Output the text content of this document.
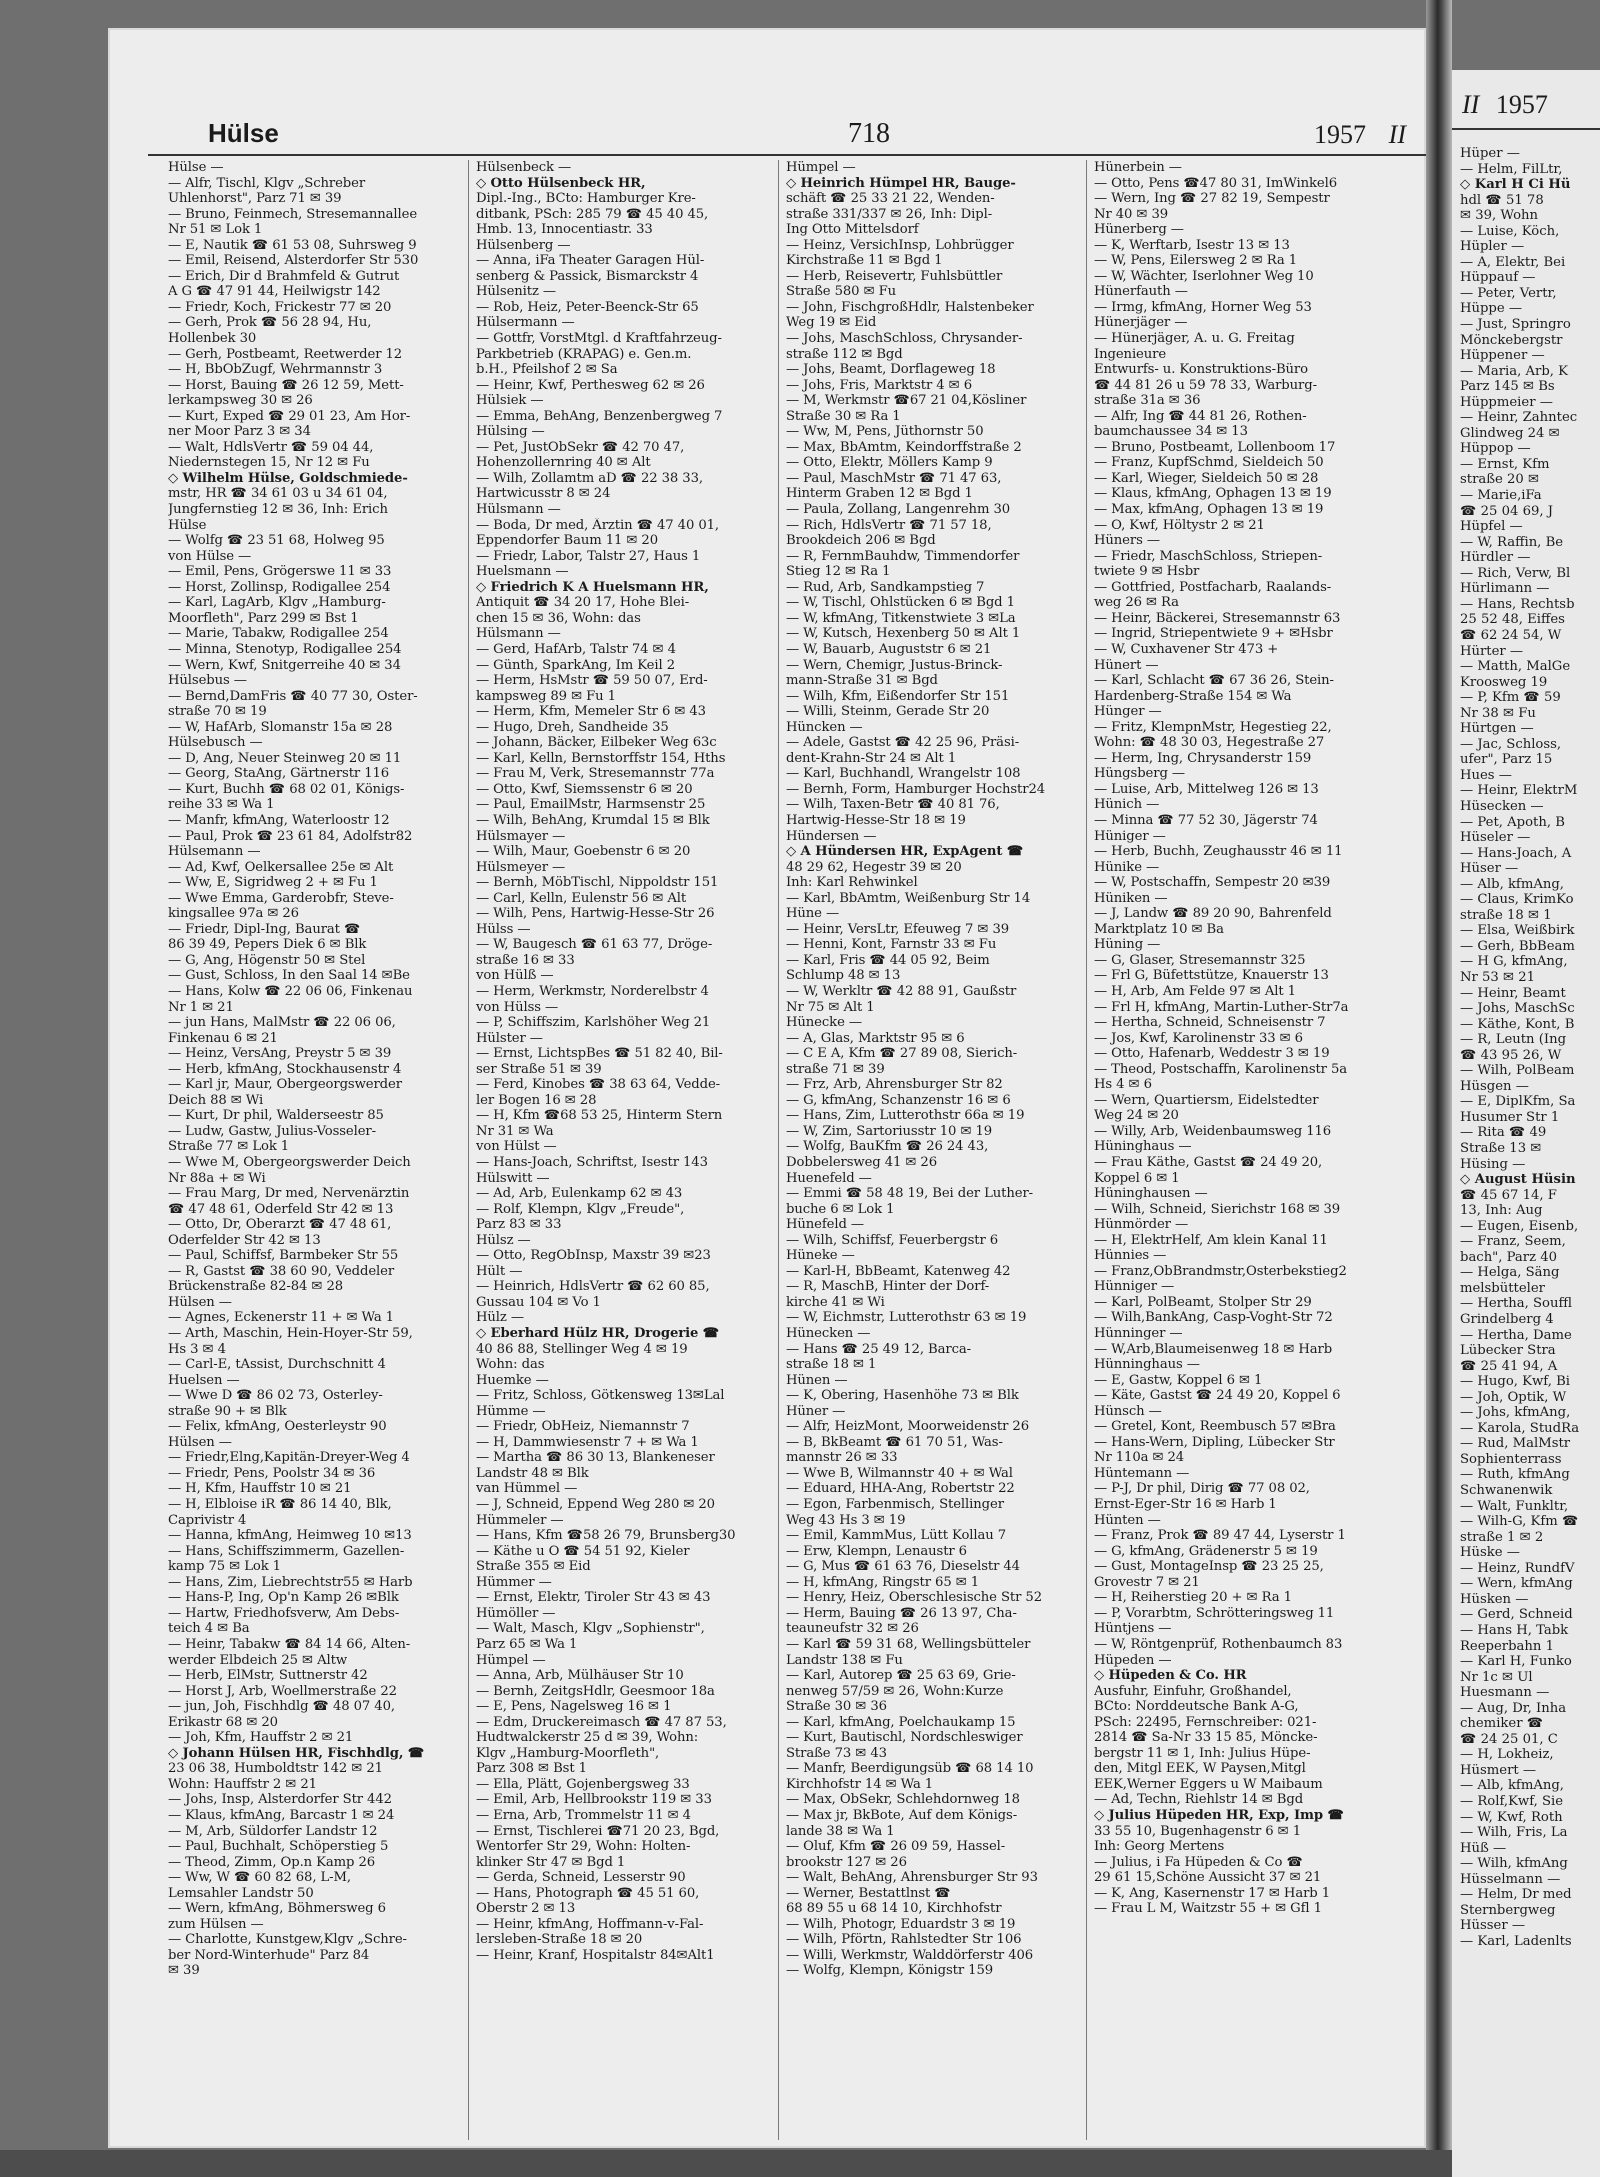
Hülse	718	1957 II
Hülse —
— Alfr, Tischl, Klgv „Schreber
Uhlenhorst", Parz 71 ✉ 39
— Bruno, Feinmech, Stresemannallee
Nr 51 ✉ Lok 1
— E, Nautik ☎ 61 53 08, Suhrsweg 9
— Emil, Reisend, Alsterdorfer Str 530
— Erich, Dir d Brahmfeld & Gutrut
A G ☎ 47 91 44, Heilwigstr 142
— Friedr, Koch, Frickestr 77 ✉ 20
— Gerh, Prok ☎ 56 28 94, Hu,
Hollenbek 30
— Gerh, Postbeamt, Reetwerder 12
— H, BbObZugf, Wehrmannstr 3
— Horst, Bauing ☎ 26 12 59, Mett-
lerkampsweg 30 ✉ 26
— Kurt, Exped ☎ 29 01 23, Am Hor-
ner Moor Parz 3 ✉ 34
— Walt, HdlsVertr ☎ 59 04 44,
Niedernstegen 15, Nr 12 ✉ Fu
◇ Wilhelm Hülse, Goldschmiede-
mstr, HR ☎ 34 61 03 u 34 61 04,
Jungfernstieg 12 ✉ 36, Inh: Erich
Hülse
— Wolfg ☎ 23 51 68, Holweg 95
von Hülse —
— Emil, Pens, Grögerswe 11 ✉ 33
— Horst, Zollinsp, Rodigallee 254
— Karl, LagArb, Klgv „Hamburg-
Moorfleth", Parz 299 ✉ Bst 1
— Marie, Tabakw, Rodigallee 254
— Minna, Stenotyp, Rodigallee 254
— Wern, Kwf, Snitgerreihe 40 ✉ 34
Hülsebus —
— Bernd,DamFris ☎ 40 77 30, Oster-
straße 70 ✉ 19
— W, HafArb, Slomanstr 15a ✉ 28
Hülsebusch —
— D, Ang, Neuer Steinweg 20 ✉ 11
— Georg, StaAng, Gärtnerstr 116
— Kurt, Buchh ☎ 68 02 01, Königs-
reihe 33 ✉ Wa 1
— Manfr, kfmAng, Waterloostr 12
— Paul, Prok ☎ 23 61 84, Adolfstr82
Hülsemann —
— Ad, Kwf, Oelkersallee 25e ✉ Alt
— Ww, E, Sigridweg 2 + ✉ Fu 1
— Wwe Emma, Garderobfr, Steve-
kingsallee 97a ✉ 26
— Friedr, Dipl-Ing, Baurat ☎
86 39 49, Pepers Diek 6 ✉ Blk
— G, Ang, Högenstr 50 ✉ Stel
— Gust, Schloss, In den Saal 14 ✉Be
— Hans, Kolw ☎ 22 06 06, Finkenau
Nr 1 ✉ 21
— jun Hans, MalMstr ☎ 22 06 06,
Finkenau 6 ✉ 21
— Heinz, VersAng, Preystr 5 ✉ 39
— Herb, kfmAng, Stockhausenstr 4
— Karl jr, Maur, Obergeorgswerder
Deich 88 ✉ Wi
— Kurt, Dr phil, Walderseestr 85
— Ludw, Gastw, Julius-Vosseler-
Straße 77 ✉ Lok 1
— Wwe M, Obergeorgswerder Deich
Nr 88a + ✉ Wi
— Frau Marg, Dr med, Nervenärztin
☎ 47 48 61, Oderfeld Str 42 ✉ 13
— Otto, Dr, Oberarzt ☎ 47 48 61,
Oderfelder Str 42 ✉ 13
— Paul, Schiffsf, Barmbeker Str 55
— R, Gastst ☎ 38 60 90, Veddeler
Brückenstraße 82-84 ✉ 28
Hülsen —
— Agnes, Eckenerstr 11 + ✉ Wa 1
— Arth, Maschin, Hein-Hoyer-Str 59,
Hs 3 ✉ 4
— Carl-E, tAssist, Durchschnitt 4
Huelsen —
— Wwe D ☎ 86 02 73, Osterley-
straße 90 + ✉ Blk
— Felix, kfmAng, Oesterleystr 90
Hülsen —
— Friedr,Elng,Kapitän-Dreyer-Weg 4
— Friedr, Pens, Poolstr 34 ✉ 36
— H, Kfm, Hauffstr 10 ✉ 21
— H, Elbloise iR ☎ 86 14 40, Blk,
Caprivistr 4
— Hanna, kfmAng, Heimweg 10 ✉13
— Hans, Schiffszimmerm, Gazellen-
kamp 75 ✉ Lok 1
— Hans, Zim, Liebrechtstr55 ✉ Harb
— Hans-P, Ing, Op'n Kamp 26 ✉Blk
— Hartw, Friedhofsverw, Am Debs-
teich 4 ✉ Ba
— Heinr, Tabakw ☎ 84 14 66, Alten-
werder Elbdeich 25 ✉ Altw
— Herb, ElMstr, Suttnerstr 42
— Horst J, Arb, Woellmerstraße 22
— jun, Joh, Fischhdlg ☎ 48 07 40,
Erikastr 68 ✉ 20
— Joh, Kfm, Hauffstr 2 ✉ 21
◇ Johann Hülsen HR, Fischhdlg, ☎
23 06 38, Humboldtstr 142 ✉ 21
Wohn: Hauffstr 2 ✉ 21
— Johs, Insp, Alsterdorfer Str 442
— Klaus, kfmAng, Barcastr 1 ✉ 24
— M, Arb, Süldorfer Landstr 12
— Paul, Buchhalt, Schöperstieg 5
— Theod, Zimm, Op.n Kamp 26
— Ww, W ☎ 60 82 68, L-M,
Lemsahler Landstr 50
— Wern, kfmAng, Böhmersweg 6
zum Hülsen —
— Charlotte, Kunstgew,Klgv „Schre-
ber Nord-Winterhude" Parz 84
✉ 39
Hülsenbeck —
◇ Otto Hülsenbeck HR,
Dipl.-Ing., BCto: Hamburger Kre-
ditbank, PSch: 285 79 ☎ 45 40 45,
Hmb. 13, Innocentiastr. 33
Hülsenberg —
— Anna, iFa Theater Garagen Hül-
senberg & Passick, Bismarckstr 4
Hülsenitz —
— Rob, Heiz, Peter-Beenck-Str 65
Hülsermann —
— Gottfr, VorstMtgl. d Kraftfahrzeug-
Parkbetrieb (KRAPAG) e. Gen.m.
b.H., Pfeilshof 2 ✉ Sa
— Heinr, Kwf, Perthesweg 62 ✉ 26
Hülsiek —
— Emma, BehAng, Benzenbergweg 7
Hülsing —
— Pet, JustObSekr ☎ 42 70 47,
Hohenzollernring 40 ✉ Alt
— Wilh, Zollamtm aD ☎ 22 38 33,
Hartwicusstr 8 ✉ 24
Hülsmann —
— Boda, Dr med, Ärztin ☎ 47 40 01,
Eppendorfer Baum 11 ✉ 20
— Friedr, Labor, Talstr 27, Haus 1
Huelsmann —
◇ Friedrich K A Huelsmann HR,
Antiquit ☎ 34 20 17, Hohe Blei-
chen 15 ✉ 36, Wohn: das
Hülsmann —
— Gerd, HafArb, Talstr 74 ✉ 4
— Günth, SparkAng, Im Keil 2
— Herm, HsMstr ☎ 59 50 07, Erd-
kampsweg 89 ✉ Fu 1
— Herm, Kfm, Memeler Str 6 ✉ 43
— Hugo, Dreh, Sandheide 35
— Johann, Bäcker, Eilbeker Weg 63c
— Karl, Kelln, Bernstorffstr 154, Hths
— Frau M, Verk, Stresemannstr 77a
— Otto, Kwf, Siemssenstr 6 ✉ 20
— Paul, EmailMstr, Harmsenstr 25
— Wilh, BehAng, Krumdal 15 ✉ Blk
Hülsmayer —
— Wilh, Maur, Goebenstr 6 ✉ 20
Hülsmeyer —
— Bernh, MöbTischl, Nippoldstr 151
— Carl, Kelln, Eulenstr 56 ✉ Alt
— Wilh, Pens, Hartwig-Hesse-Str 26
Hülss —
— W, Baugesch ☎ 61 63 77, Dröge-
straße 16 ✉ 33
von Hülß —
— Herm, Werkmstr, Norderelbstr 4
von Hülss —
— P, Schiffszim, Karlshöher Weg 21
Hülster —
— Ernst, LichtspBes ☎ 51 82 40, Bil-
ser Straße 51 ✉ 39
— Ferd, Kinobes ☎ 38 63 64, Vedde-
ler Bogen 16 ✉ 28
— H, Kfm ☎68 53 25, Hinterm Stern
Nr 31 ✉ Wa
von Hülst —
— Hans-Joach, Schriftst, Isestr 143
Hülswitt —
— Ad, Arb, Eulenkamp 62 ✉ 43
— Rolf, Klempn, Klgv „Freude",
Parz 83 ✉ 33
Hülsz —
— Otto, RegObInsp, Maxstr 39 ✉23
Hült —
— Heinrich, HdlsVertr ☎ 62 60 85,
Gussau 104 ✉ Vo 1
Hülz —
◇ Eberhard Hülz HR, Drogerie ☎
40 86 88, Stellinger Weg 4 ✉ 19
Wohn: das
Huemke —
— Fritz, Schloss, Götkensweg 13✉Lal
Hümme —
— Friedr, ObHeiz, Niemannstr 7
— H, Dammwiesenstr 7 + ✉ Wa 1
— Martha ☎ 86 30 13, Blankeneser
Landstr 48 ✉ Blk
van Hümmel —
— J, Schneid, Eppend Weg 280 ✉ 20
Hümmeler —
— Hans, Kfm ☎58 26 79, Brunsberg30
— Käthe u O ☎ 54 51 92, Kieler
Straße 355 ✉ Eid
Hümmer —
— Ernst, Elektr, Tiroler Str 43 ✉ 43
Hümöller —
— Walt, Masch, Klgv „Sophienstr",
Parz 65 ✉ Wa 1
Hümpel —
— Anna, Arb, Mülhäuser Str 10
— Bernh, ZeitgsHdlr, Geesmoor 18a
— E, Pens, Nagelsweg 16 ✉ 1
— Edm, Druckereimasch ☎ 47 87 53,
Hudtwalckerstr 25 d ✉ 39, Wohn:
Klgv „Hamburg-Moorfleth",
Parz 308 ✉ Bst 1
— Ella, Plätt, Gojenbergsweg 33
— Emil, Arb, Hellbrookstr 119 ✉ 33
— Erna, Arb, Trommelstr 11 ✉ 4
— Ernst, Tischlerei ☎71 20 23, Bgd,
Wentorfer Str 29, Wohn: Holten-
klinker Str 47 ✉ Bgd 1
— Gerda, Schneid, Lesserstr 90
— Hans, Photograph ☎ 45 51 60,
Oberstr 2 ✉ 13
— Heinr, kfmAng, Hoffmann-v-Fal-
lersleben-Straße 18 ✉ 20
— Heinr, Kranf, Hospitalstr 84✉Alt1
Hümpel —
◇ Heinrich Hümpel HR, Bauge-
schäft ☎ 25 33 21 22, Wenden-
straße 331/337 ✉ 26, Inh: Dipl-
Ing Otto Mittelsdorf
— Heinz, VersichInsp, Lohbrügger
Kirchstraße 11 ✉ Bgd 1
— Herb, Reisevertr, Fuhlsbüttler
Straße 580 ✉ Fu
— John, FischgroßHdlr, Halstenbeker
Weg 19 ✉ Eid
— Johs, MaschSchloss, Chrysander-
straße 112 ✉ Bgd
— Johs, Beamt, Dorflageweg 18
— Johs, Fris, Marktstr 4 ✉ 6
— M, Werkmstr ☎67 21 04,Kösliner
Straße 30 ✉ Ra 1
— Ww, M, Pens, Jüthornstr 50
— Max, BbAmtm, Keindorffstraße 2
— Otto, Elektr, Möllers Kamp 9
— Paul, MaschMstr ☎ 71 47 63,
Hinterm Graben 12 ✉ Bgd 1
— Paula, Zollang, Langenrehm 30
— Rich, HdlsVertr ☎ 71 57 18,
Brookdeich 206 ✉ Bgd
— R, FernmBauhdw, Timmendorfer
Stieg 12 ✉ Ra 1
— Rud, Arb, Sandkampstieg 7
— W, Tischl, Ohlstücken 6 ✉ Bgd 1
— W, kfmAng, Titkenstwiete 3 ✉La
— W, Kutsch, Hexenberg 50 ✉ Alt 1
— W, Bauarb, Auguststr 6 ✉ 21
— Wern, Chemigr, Justus-Brinck-
mann-Straße 31 ✉ Bgd
— Wilh, Kfm, Eißendorfer Str 151
— Willi, Steinm, Gerade Str 20
Hüncken —
— Adele, Gastst ☎ 42 25 96, Präsi-
dent-Krahn-Str 24 ✉ Alt 1
— Karl, Buchhandl, Wrangelstr 108
— Bernh, Form, Hamburger Hochstr24
— Wilh, Taxen-Betr ☎ 40 81 76,
Hartwig-Hesse-Str 18 ✉ 19
Hündersen —
◇ A Hündersen HR, ExpAgent ☎
48 29 62, Hegestr 39 ✉ 20
Inh: Karl Rehwinkel
— Karl, BbAmtm, Weißenburg Str 14
Hüne —
— Heinr, VersLtr, Efeuweg 7 ✉ 39
— Henni, Kont, Farnstr 33 ✉ Fu
— Karl, Fris ☎ 44 05 92, Beim
Schlump 48 ✉ 13
— W, Werkltr ☎ 42 88 91, Gaußstr
Nr 75 ✉ Alt 1
Hünecke —
— A, Glas, Marktstr 95 ✉ 6
— C E A, Kfm ☎ 27 89 08, Sierich-
straße 71 ✉ 39
— Frz, Arb, Ahrensburger Str 82
— G, kfmAng, Schanzenstr 16 ✉ 6
— Hans, Zim, Lutterothstr 66a ✉ 19
— W, Zim, Sartoriusstr 10 ✉ 19
— Wolfg, BauKfm ☎ 26 24 43,
Dobbelersweg 41 ✉ 26
Huenefeld —
— Emmi ☎ 58 48 19, Bei der Luther-
buche 6 ✉ Lok 1
Hünefeld —
— Wilh, Schiffsf, Feuerbergstr 6
Hüneke —
— Karl-H, BbBeamt, Katenweg 42
— R, MaschB, Hinter der Dorf-
kirche 41 ✉ Wi
— W, Eichmstr, Lutterothstr 63 ✉ 19
Hünecken —
— Hans ☎ 25 49 12, Barca-
straße 18 ✉ 1
Hünen —
— K, Obering, Hasenhöhe 73 ✉ Blk
Hüner —
— Alfr, HeizMont, Moorweidenstr 26
— B, BkBeamt ☎ 61 70 51, Was-
mannstr 26 ✉ 33
— Wwe B, Wilmannstr 40 + ✉ Wal
— Eduard, HHA-Ang, Robertstr 22
— Egon, Farbenmisch, Stellinger
Weg 43 Hs 3 ✉ 19
— Emil, KammMus, Lütt Kollau 7
— Erw, Klempn, Lenaustr 6
— G, Mus ☎ 61 63 76, Dieselstr 44
— H, kfmAng, Ringstr 65 ✉ 1
— Henry, Heiz, Oberschlesische Str 52
— Herm, Bauing ☎ 26 13 97, Cha-
teauneufstr 32 ✉ 26
— Karl ☎ 59 31 68, Wellingsbütteler
Landstr 138 ✉ Fu
— Karl, Autorep ☎ 25 63 69, Grie-
nenweg 57/59 ✉ 26, Wohn:Kurze
Straße 30 ✉ 36
— Karl, kfmAng, Poelchaukamp 15
— Kurt, Bautischl, Nordschleswiger
Straße 73 ✉ 43
— Manfr, Beerdigungsüb ☎ 68 14 10
Kirchhofstr 14 ✉ Wa 1
— Max, ObSekr, Schlehdornweg 18
— Max jr, BkBote, Auf dem Königs-
lande 38 ✉ Wa 1
— Oluf, Kfm ☎ 26 09 59, Hassel-
brookstr 127 ✉ 26
— Walt, BehAng, Ahrensburger Str 93
— Werner, Bestattlnst ☎
68 89 55 u 68 14 10, Kirchhofstr
— Wilh, Photogr, Eduardstr 3 ✉ 19
— Wilh, Pförtn, Rahlstedter Str 106
— Willi, Werkmstr, Walddörferstr 406
— Wolfg, Klempn, Königstr 159
Hünerbein —
— Otto, Pens ☎47 80 31, ImWinkel6
— Wern, Ing ☎ 27 82 19, Sempestr
Nr 40 ✉ 39
Hünerberg —
— K, Werftarb, Isestr 13 ✉ 13
— W, Pens, Eilersweg 2 ✉ Ra 1
— W, Wächter, Iserlohner Weg 10
Hünerfauth —
— Irmg, kfmAng, Horner Weg 53
Hünerjäger —
— Hünerjäger, A. u. G. Freitag
Ingenieure
Entwurfs- u. Konstruktions-Büro
☎ 44 81 26 u 59 78 33, Warburg-
straße 31a ✉ 36
— Alfr, Ing ☎ 44 81 26, Rothen-
baumchaussee 34 ✉ 13
— Bruno, Postbeamt, Lollenboom 17
— Franz, KupfSchmd, Sieldeich 50
— Karl, Wieger, Sieldeich 50 ✉ 28
— Klaus, kfmAng, Ophagen 13 ✉ 19
— Max, kfmAng, Ophagen 13 ✉ 19
— O, Kwf, Höltystr 2 ✉ 21
Hüners —
— Friedr, MaschSchloss, Striepen-
twiete 9 ✉ Hsbr
— Gottfried, Postfacharb, Raalands-
weg 26 ✉ Ra
— Heinr, Bäckerei, Stresemannstr 63
— Ingrid, Striepentwiete 9 + ✉Hsbr
— W, Cuxhavener Str 473 +
Hünert —
— Karl, Schlacht ☎ 67 36 26, Stein-
Hardenberg-Straße 154 ✉ Wa
Hünger —
— Fritz, KlempnMstr, Hegestieg 22,
Wohn: ☎ 48 30 03, Hegestraße 27
— Herm, Ing, Chrysanderstr 159
Hüngsberg —
— Luise, Arb, Mittelweg 126 ✉ 13
Hünich —
— Minna ☎ 77 52 30, Jägerstr 74
Hüniger —
— Herb, Buchh, Zeughausstr 46 ✉ 11
Hünike —
— W, Postschaffn, Sempestr 20 ✉39
Hüniken —
— J, Landw ☎ 89 20 90, Bahrenfeld
Marktplatz 10 ✉ Ba
Hüning —
— G, Glaser, Stresemannstr 325
— Frl G, Büfettstütze, Knauerstr 13
— H, Arb, Am Felde 97 ✉ Alt 1
— Frl H, kfmAng, Martin-Luther-Str7a
— Hertha, Schneid, Schneisenstr 7
— Jos, Kwf, Karolinenstr 33 ✉ 6
— Otto, Hafenarb, Weddestr 3 ✉ 19
— Theod, Postschaffn, Karolinenstr 5a
Hs 4 ✉ 6
— Wern, Quartiersm, Eidelstedter
Weg 24 ✉ 20
— Willy, Arb, Weidenbaumsweg 116
Hüninghaus —
— Frau Käthe, Gastst ☎ 24 49 20,
Koppel 6 ✉ 1
Hüninghausen —
— Wilh, Schneid, Sierichstr 168 ✉ 39
Hünmörder —
— H, ElektrHelf, Am klein Kanal 11
Hünnies —
— Franz,ObBrandmstr,Osterbekstieg2
Hünniger —
— Karl, PolBeamt, Stolper Str 29
— Wilh,BankAng, Casp-Voght-Str 72
Hünninger —
— W,Arb,Blaumeisenweg 18 ✉ Harb
Hünninghaus —
— E, Gastw, Koppel 6 ✉ 1
— Käte, Gastst ☎ 24 49 20, Koppel 6
Hünsch —
— Gretel, Kont, Reembusch 57 ✉Bra
— Hans-Wern, Dipling, Lübecker Str
Nr 110a ✉ 24
Hüntemann —
— P-J, Dr phil, Dirig ☎ 77 08 02,
Ernst-Eger-Str 16 ✉ Harb 1
Hünten —
— Franz, Prok ☎ 89 47 44, Lyserstr 1
— G, kfmAng, Grädenerstr 5 ✉ 19
— Gust, MontageInsp ☎ 23 25 25,
Grovestr 7 ✉ 21
— H, Reiherstieg 20 + ✉ Ra 1
— P, Vorarbtm, Schrötteringsweg 11
Hüntjens —
— W, Röntgenprüf, Rothenbaumch 83
Hüpeden —
◇ Hüpeden & Co. HR
Ausfuhr, Einfuhr, Großhandel,
BCto: Norddeutsche Bank A-G,
PSch: 22495, Fernschreiber: 021-
2814 ☎ Sa-Nr 33 15 85, Möncke-
bergstr 11 ✉ 1, Inh: Julius Hüpe-
den, Mitgl EEK, W Paysen,Mitgl
EEK,Werner Eggers u W Maibaum
— Ad, Techn, Riehlstr 14 ✉ Bgd
◇ Julius Hüpeden HR, Exp, Imp ☎
33 55 10, Bugenhagenstr 6 ✉ 1
Inh: Georg Mertens
— Julius, i Fa Hüpeden & Co ☎
29 61 15,Schöne Aussicht 37 ✉ 21
— K, Ang, Kasernenstr 17 ✉ Harb 1
— Frau L M, Waitzstr 55 + ✉ Gfl 1
II 1957
Hüper —
— Helm, FilLtr,
◇ Karl H Ci Hü
hdl ☎ 51 78
✉ 39, Wohn
— Luise, Köch,
Hüpler —
— A, Elektr, Bei
Hüppauf —
— Peter, Vertr,
Hüppe —
— Just, Springro
Mönckebergstr
Hüppener —
— Maria, Arb, K
Parz 145 ✉ Bs
Hüppmeier —
— Heinr, Zahntec
Glindweg 24 ✉
Hüppop —
— Ernst, Kfm
straße 20 ✉
— Marie,iFa
☎ 25 04 69, J
Hüpfel —
— W, Raffin, Be
Hürdler —
— Rich, Verw, Bl
Hürlimann —
— Hans, Rechtsb
25 52 48, Eiffes
☎ 62 24 54, W
Hürter —
— Matth, MalGe
Kroosweg 19
— P, Kfm ☎ 59
Nr 38 ✉ Fu
Hürtgen —
— Jac, Schloss,
ufer", Parz 15
Hues —
— Heinr, ElektrM
Hüsecken —
— Pet, Apoth, B
Hüseler —
— Hans-Joach, A
Hüser —
— Alb, kfmAng,
— Claus, KrimKo
straße 18 ✉ 1
— Elsa, Weißbirk
— Gerh, BbBeam
— H G, kfmAng,
Nr 53 ✉ 21
— Heinr, Beamt
— Johs, MaschSc
— Käthe, Kont, B
— R, Leutn (Ing
☎ 43 95 26, W
— Wilh, PolBeam
Hüsgen —
— E, DiplKfm, Sa
Husumer Str 1
— Rita ☎ 49
Straße 13 ✉
Hüsing —
◇ August Hüsin
☎ 45 67 14, F
13, Inh: Aug
— Eugen, Eisenb,
— Franz, Seem,
bach", Parz 40
— Helga, Säng
melsbütteler
— Hertha, Souffl
Grindelberg 4
— Hertha, Dame
Lübecker Stra
☎ 25 41 94, A
— Hugo, Kwf, Bi
— Joh, Optik, W
— Johs, kfmAng,
— Karola, StudRa
— Rud, MalMstr
Sophienterrass
— Ruth, kfmAng
Schwanenwik
— Walt, Funkltr,
— Wilh-G, Kfm ☎
straße 1 ✉ 2
Hüske —
— Heinz, RundfV
— Wern, kfmAng
Hüsken —
— Gerd, Schneid
— Hans H, Tabk
Reeperbahn 1
— Karl H, Funko
Nr 1c ✉ Ul
Huesmann —
— Aug, Dr, Inha
chemiker ☎
☎ 24 25 01, C
— H, Lokheiz,
Hüsmert —
— Alb, kfmAng,
— Rolf,Kwf, Sie
— W, Kwf, Roth
— Wilh, Fris, La
Hüß —
— Wilh, kfmAng
Hüsselmann —
— Helm, Dr med
Sternbergweg
Hüsser —
— Karl, Ladenlts
